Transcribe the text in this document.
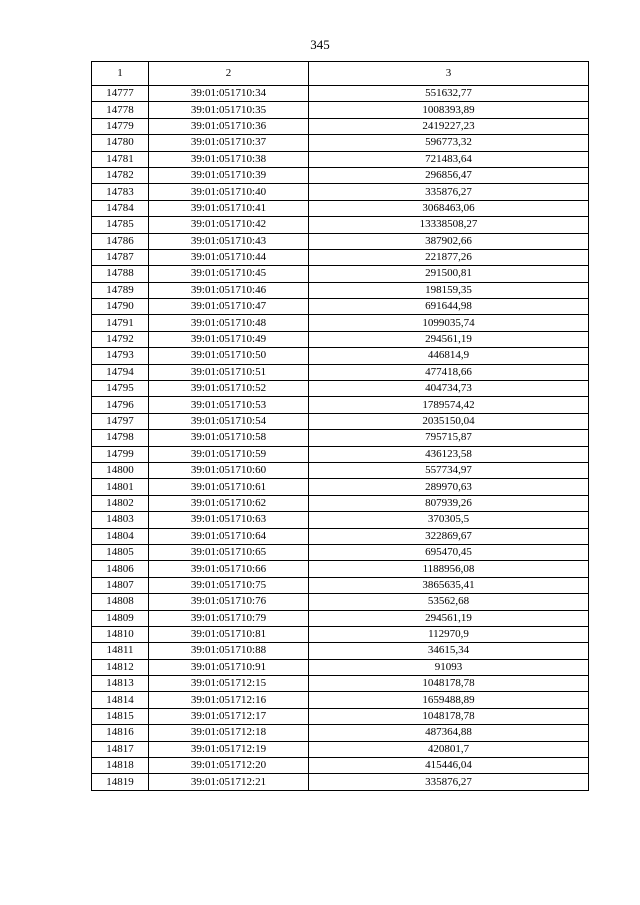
345
1	2	3
14777	39:01:051710:34	551632,77
14778	39:01:051710:35	1008393,89
14779	39:01:051710:36	2419227,23
14780	39:01:051710:37	596773,32
14781	39:01:051710:38	721483,64
14782	39:01:051710:39	296856,47
14783	39:01:051710:40	335876,27
14784	39:01:051710:41	3068463,06
14785	39:01:051710:42	13338508,27
14786	39:01:051710:43	387902,66
14787	39:01:051710:44	221877,26
14788	39:01:051710:45	291500,81
14789	39:01:051710:46	198159,35
14790	39:01:051710:47	691644,98
14791	39:01:051710:48	1099035,74
14792	39:01:051710:49	294561,19
14793	39:01:051710:50	446814,9
14794	39:01:051710:51	477418,66
14795	39:01:051710:52	404734,73
14796	39:01:051710:53	1789574,42
14797	39:01:051710:54	2035150,04
14798	39:01:051710:58	795715,87
14799	39:01:051710:59	436123,58
14800	39:01:051710:60	557734,97
14801	39:01:051710:61	289970,63
14802	39:01:051710:62	807939,26
14803	39:01:051710:63	370305,5
14804	39:01:051710:64	322869,67
14805	39:01:051710:65	695470,45
14806	39:01:051710:66	1188956,08
14807	39:01:051710:75	3865635,41
14808	39:01:051710:76	53562,68
14809	39:01:051710:79	294561,19
14810	39:01:051710:81	112970,9
14811	39:01:051710:88	34615,34
14812	39:01:051710:91	91093
14813	39:01:051712:15	1048178,78
14814	39:01:051712:16	1659488,89
14815	39:01:051712:17	1048178,78
14816	39:01:051712:18	487364,88
14817	39:01:051712:19	420801,7
14818	39:01:051712:20	415446,04
14819	39:01:051712:21	335876,27
